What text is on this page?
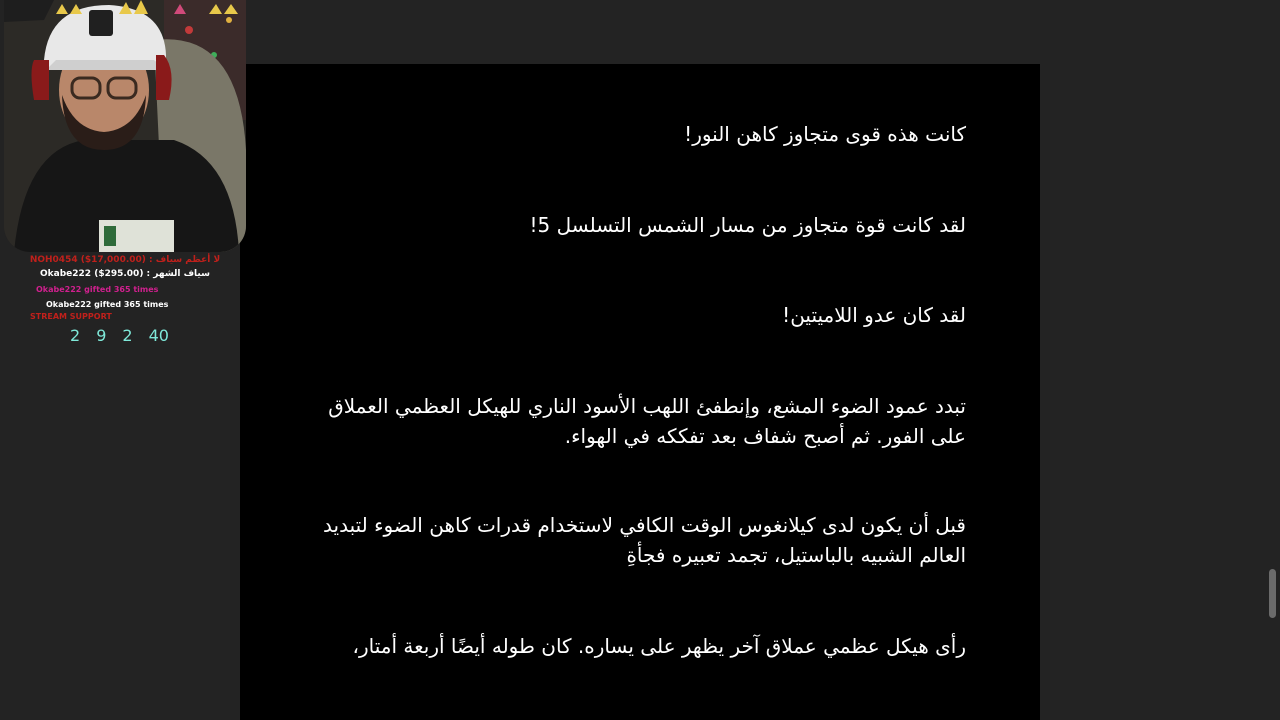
كانت هذه قوى متجاوز كاهن النور!

لقد كانت قوة متجاوز من مسار الشمس التسلسل 5!

لقد كان عدو اللاميتين!

تبدد عمود الضوء المشع، وإنطفئ اللهب الأسود الناري للهيكل العظمي العملاق على الفور. ثم أصبح شفاف بعد تفككه في الهواء.

قبل أن يكون لدى كيلانغوس الوقت الكافي لاستخدام قدرات كاهن الضوء لتبديد العالم الشبيه بالباستيل، تجمد تعبيره فجأةِ

رأى هيكل عظمي عملاق آخر يظهر على يساره. كان طوله أيضًا أربعة أمتار،

NOH0454 ($17,000.00) : لا أعظم سياف
Okabe222 ($295.00) : سياف الشهر
Okabe222 gifted 365 times
Okabe222 gifted 365 times
STREAM SUPPORT
2 9 2 40
